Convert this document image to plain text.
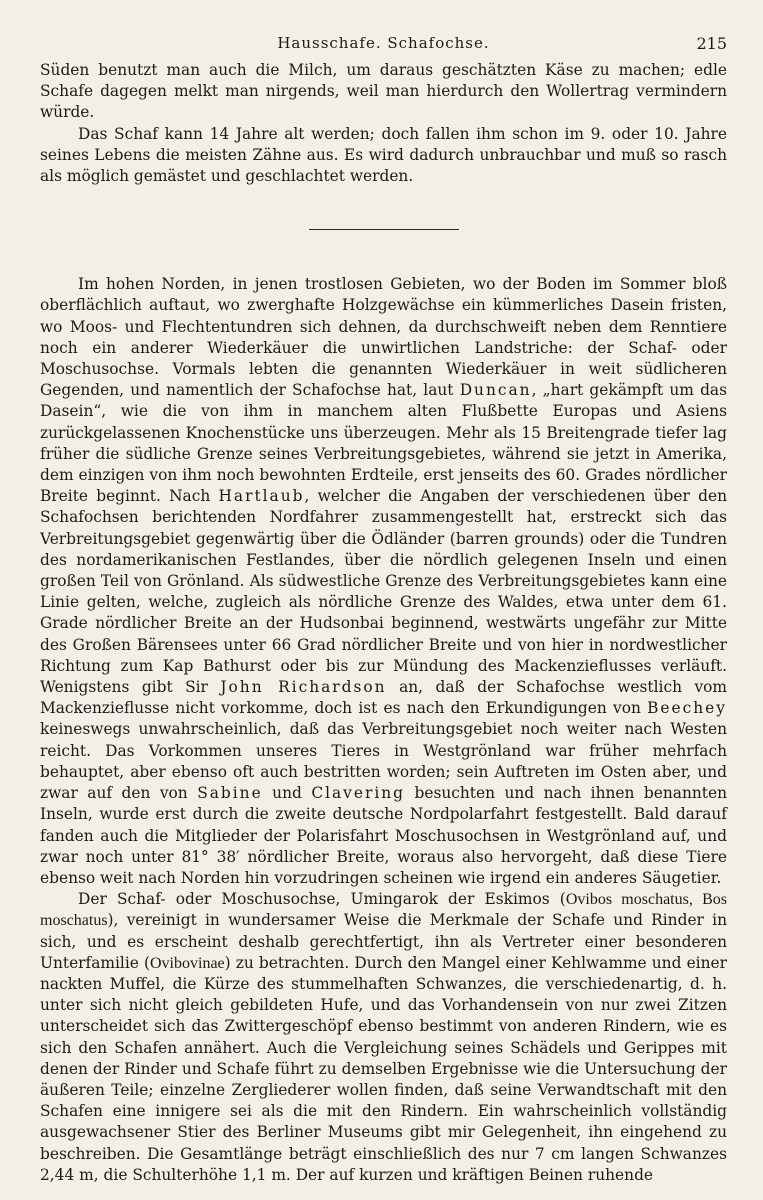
Hausschafe. Schafochse.	215

Süden benutzt man auch die Milch, um daraus geschätzten Käse zu machen; edle Schafe dagegen melkt man nirgends, weil man hierdurch den Wollertrag vermindern würde.

Das Schaf kann 14 Jahre alt werden; doch fallen ihm schon im 9. oder 10. Jahre seines Lebens die meisten Zähne aus. Es wird dadurch unbrauchbar und muß so rasch als möglich gemästet und geschlachtet werden.

Im hohen Norden, in jenen trostlosen Gebieten, wo der Boden im Sommer bloß oberflächlich auftaut, wo zwerghafte Holzgewächse ein kümmerliches Dasein fristen, wo Moos- und Flechtentundren sich dehnen, da durchschweift neben dem Renntiere noch ein anderer Wiederkäuer die unwirtlichen Landstriche: der Schaf- oder Moschusochse. Vormals lebten die genannten Wiederkäuer in weit südlicheren Gegenden, und namentlich der Schafochse hat, laut Duncan, „hart gekämpft um das Dasein“, wie die von ihm in manchem alten Flußbette Europas und Asiens zurückgelassenen Knochenstücke uns überzeugen. Mehr als 15 Breitengrade tiefer lag früher die südliche Grenze seines Verbreitungsgebietes, während sie jetzt in Amerika, dem einzigen von ihm noch bewohnten Erdteile, erst jenseits des 60. Grades nördlicher Breite beginnt. Nach Hartlaub, welcher die Angaben der verschiedenen über den Schafochsen berichtenden Nordfahrer zusammengestellt hat, erstreckt sich das Verbreitungsgebiet gegenwärtig über die Ödländer (barren grounds) oder die Tundren des nordamerikanischen Festlandes, über die nördlich gelegenen Inseln und einen großen Teil von Grönland. Als südwestliche Grenze des Verbreitungsgebietes kann eine Linie gelten, welche, zugleich als nördliche Grenze des Waldes, etwa unter dem 61. Grade nördlicher Breite an der Hudsonbai beginnend, westwärts ungefähr zur Mitte des Großen Bärensees unter 66 Grad nördlicher Breite und von hier in nordwestlicher Richtung zum Kap Bathurst oder bis zur Mündung des Mackenzieflusses verläuft. Wenigstens gibt Sir John Richardson an, daß der Schafochse westlich vom Mackenzieflusse nicht vorkomme, doch ist es nach den Erkundigungen von Beechey keineswegs unwahrscheinlich, daß das Verbreitungsgebiet noch weiter nach Westen reicht. Das Vorkommen unseres Tieres in Westgrönland war früher mehrfach behauptet, aber ebenso oft auch bestritten worden; sein Auftreten im Osten aber, und zwar auf den von Sabine und Clavering besuchten und nach ihnen benannten Inseln, wurde erst durch die zweite deutsche Nordpolarfahrt festgestellt. Bald darauf fanden auch die Mitglieder der Polarisfahrt Moschusochsen in Westgrönland auf, und zwar noch unter 81° 38′ nördlicher Breite, woraus also hervorgeht, daß diese Tiere ebenso weit nach Norden hin vorzudringen scheinen wie irgend ein anderes Säugetier.

Der Schaf- oder Moschusochse, Umingarok der Eskimos (Ovibos moschatus, Bos moschatus), vereinigt in wundersamer Weise die Merkmale der Schafe und Rinder in sich, und es erscheint deshalb gerechtfertigt, ihn als Vertreter einer besonderen Unterfamilie (Ovibovinae) zu betrachten. Durch den Mangel einer Kehlwamme und einer nackten Muffel, die Kürze des stummelhaften Schwanzes, die verschiedenartig, d. h. unter sich nicht gleich gebildeten Hufe, und das Vorhandensein von nur zwei Zitzen unterscheidet sich das Zwittergeschöpf ebenso bestimmt von anderen Rindern, wie es sich den Schafen annähert. Auch die Vergleichung seines Schädels und Gerippes mit denen der Rinder und Schafe führt zu demselben Ergebnisse wie die Untersuchung der äußeren Teile; einzelne Zergliederer wollen finden, daß seine Verwandtschaft mit den Schafen eine innigere sei als die mit den Rindern. Ein wahrscheinlich vollständig ausgewachsener Stier des Berliner Museums gibt mir Gelegenheit, ihn eingehend zu beschreiben. Die Gesamtlänge beträgt einschließlich des nur 7 cm langen Schwanzes 2,44 m, die Schulterhöhe 1,1 m. Der auf kurzen und kräftigen Beinen ruhende
